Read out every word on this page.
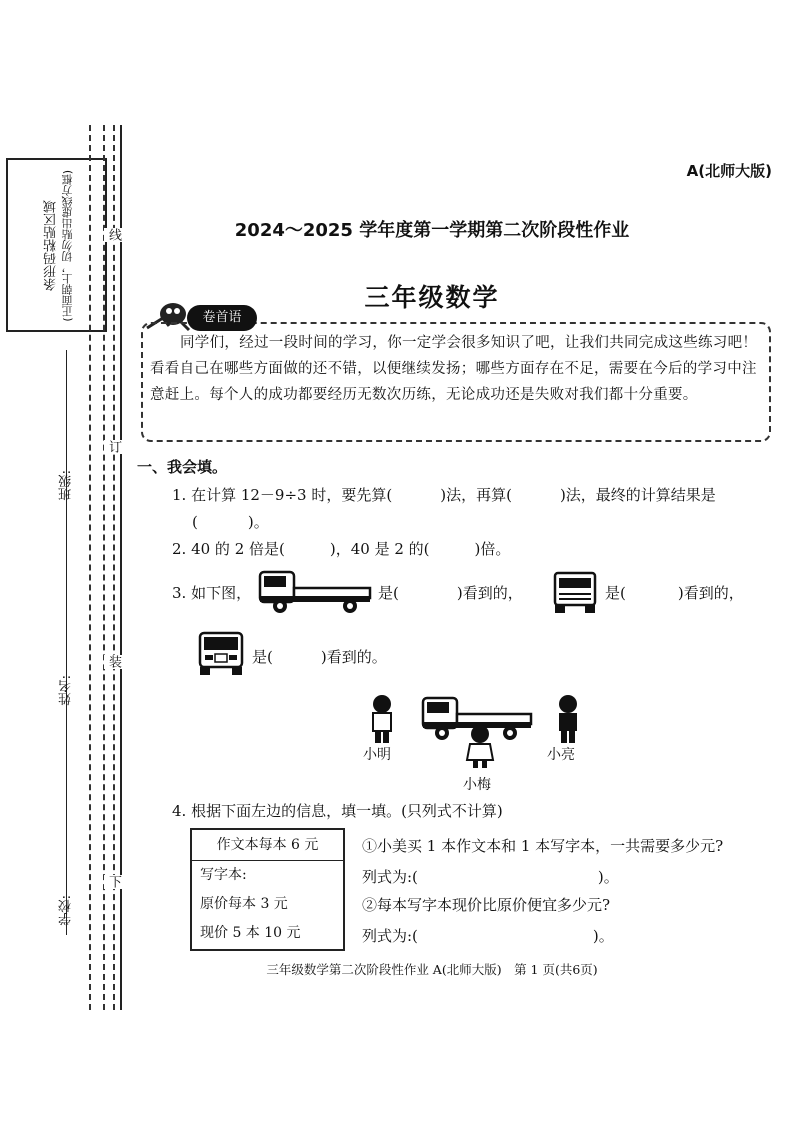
条形码粘贴区域 (正面朝上，切勿贴出虚线方框)
班级:
姓名:
学校:
线
订
装
下
A(北师大版)
2024～2025 学年度第一学期第二次阶段性作业
三年级数学
卷首语
同学们，经过一段时间的学习，你一定学会很多知识了吧，让我们共同完成这些练习吧！看看自己在哪些方面做的还不错，以便继续发扬；哪些方面存在不足，需要在今后的学习中注意赶上。每个人的成功都要经历无数次历练，无论成功还是失败对我们都十分重要。
一、我会填。
1. 在计算 12－9÷3 时，要先算(	)法，再算(	)法，最终的计算结果是
(	)。
2. 40 的 2 倍是(　　　)，40 是 2 的(　　　)倍。
3. 如下图，	是(	)看到的，	是(	)看到的，
是(	)看到的。
小明
小梅
小亮
4. 根据下面左边的信息，填一填。(只列式不计算)
作文本每本 6 元
写字本:
原价每本 3 元
现价 5 本 10 元
①小美买 1 本作文本和 1 本写字本，一共需要多少元?
列式为:(	)。
②每本写字本现价比原价便宜多少元?
列式为:(	)。
三年级数学第二次阶段性作业 A(北师大版)　第 1 页(共6页)
